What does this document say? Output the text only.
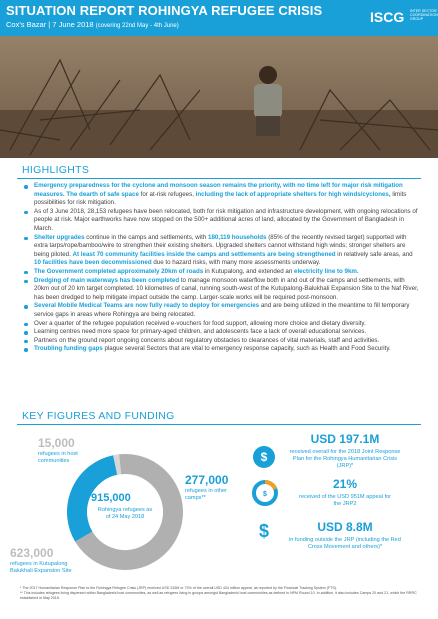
SITUATION REPORT ROHINGYA REFUGEE CRISIS
Cox's Bazar | 7 June 2018 (covering 22nd May - 4th June)
ISCG INTER SECTOR COORDINATION GROUP
HIGHLIGHTS
Emergency preparedness for the cyclone and monsoon season remains the priority, with no time left for major risk mitigation measures. The dearth of safe space for at-risk refugees, including the lack of appropriate shelters for high winds/cyclones, limits possibilities for risk mitigation.
As of 3 June 2018, 28,153 refugees have been relocated, both for risk mitigation and infrastructure development, with ongoing relocations of people at risk. Major earthworks have now stopped on the 500+ additional acres of land, allocated by the Government of Bangladesh in March.
Shelter upgrades continue in the camps and settlements, with 180,119 households (85% of the recently revised target) supported with extra tarps/rope/bamboo/wire to strengthen their existing shelters. Upgraded shelters cannot withstand high winds; stronger shelters are being piloted. At least 70 community facilities inside the camps and settlements are being strengthened in relatively safe areas, and 10 facilities have been decommissioned due to hazard risks, with many more assessments underway.
The Government completed approximately 20km of roads in Kutupalong, and extended an electricity line to 9km.
Dredging of main waterways has been completed to manage monsoon waterflow both in and out of the camps and settlements, with 20km out of 20 km target completed. 10 kilometres of canal, running south-west of the Kutupalong-Balukhali Expansion Site to the Naf River, has been dredged to help mitigate impact outside the camp. Larger-scale works will be required post-monsoon.
Several Mobile Medical Teams are now fully ready to deploy for emergencies and are being utilized in the meantime to fill temporary service gaps in areas where Rohingya are being relocated.
Over a quarter of the refugee population received e-vouchers for food support, allowing more choice and dietary diversity.
Learning centres need more space for primary-aged children, and adolescents face a lack of overall educational services.
Partners on the ground report ongoing concerns about regulatory obstacles to clearances of vital materials, staff and activities.
Troubling funding gaps plague several Sectors that are vital to emergency response capacity, such as Health and Food Security.
KEY FIGURES AND FUNDING
15,000
refugees in host communities
915,000
Rohingya refugees as of 24 May 2018
277,000
refugees in other camps**
623,000
refugees in Kutupalong Balukhali Expansion Site
$
USD 197.1M
received overall for the 2018 Joint Response Plan for the Rohingya Humanitarian Crisis (JRP)*
$
21%
received of the USD 951M appeal for the JRP2
$	USD 8.8M
in funding outside the JRP (including the Red Cross Movement and others)*
* The 2017 Humanitarian Response Plan to the Rohingya Refugee Crisis (JRP) received USD 315M or 73% of the overall USD 434 million appeal, as reported by the Financial Tracking System (FTS).
** This includes refugees living dispersed within Bangladeshi host communities, as well as refugees living in groups amongst Bangladeshi host communities as defined in NPM Round 10. In addition, it also includes Camps 20 and 21, which the RRRC established in May 2018.
